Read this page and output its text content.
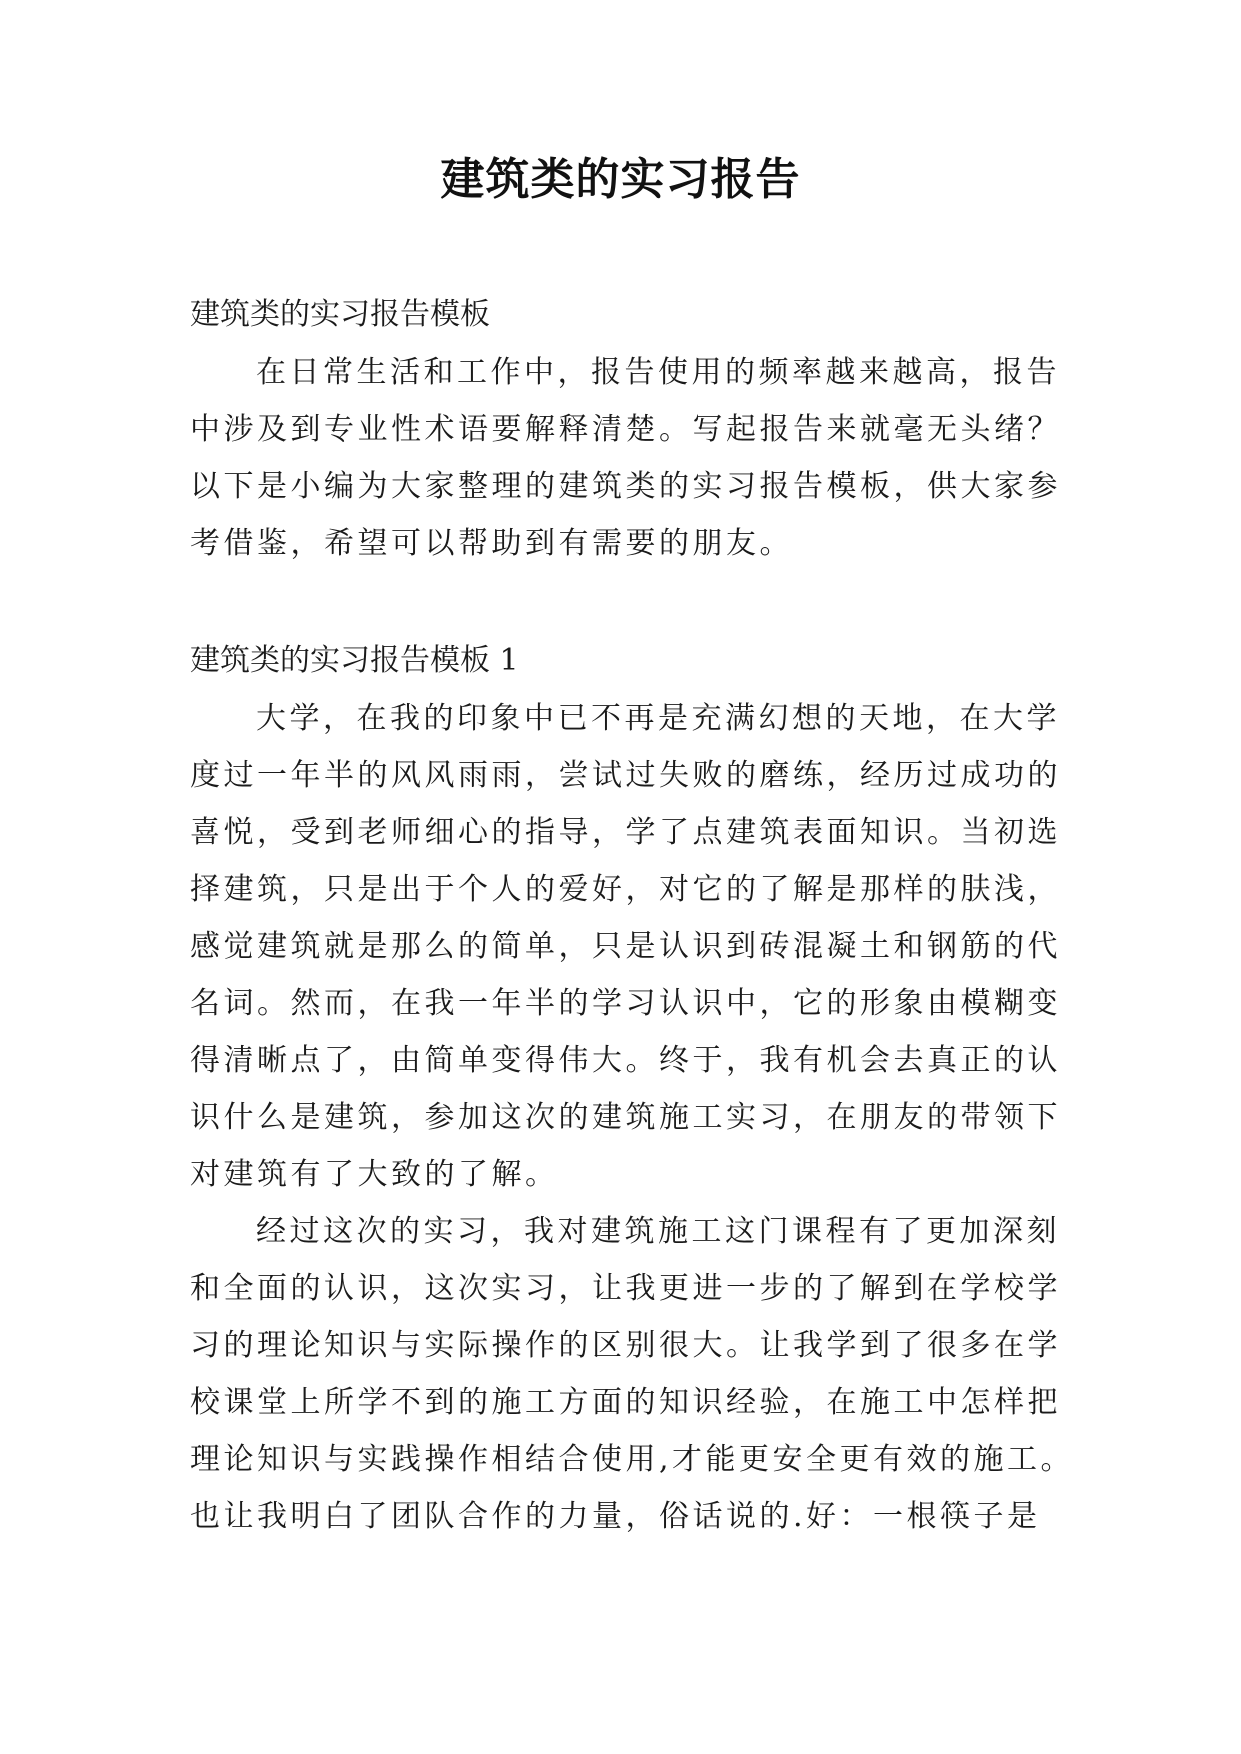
建筑类的实习报告
建筑类的实习报告模板
在日常生活和工作中，报告使用的频率越来越高，报告
中涉及到专业性术语要解释清楚。写起报告来就毫无头绪？
以下是小编为大家整理的建筑类的实习报告模板，供大家参
考借鉴，希望可以帮助到有需要的朋友。
建筑类的实习报告模板 1
大学，在我的印象中已不再是充满幻想的天地，在大学
度过一年半的风风雨雨，尝试过失败的磨练，经历过成功的
喜悦，受到老师细心的指导，学了点建筑表面知识。当初选
择建筑，只是出于个人的爱好，对它的了解是那样的肤浅，
感觉建筑就是那么的简单，只是认识到砖混凝土和钢筋的代
名词。然而，在我一年半的学习认识中，它的形象由模糊变
得清晰点了，由简单变得伟大。终于，我有机会去真正的认
识什么是建筑，参加这次的建筑施工实习，在朋友的带领下
对建筑有了大致的了解。
经过这次的实习，我对建筑施工这门课程有了更加深刻
和全面的认识，这次实习，让我更进一步的了解到在学校学
习的理论知识与实际操作的区别很大。让我学到了很多在学
校课堂上所学不到的施工方面的知识经验，在施工中怎样把
理论知识与实践操作相结合使用,才能更安全更有效的施工。
也让我明白了团队合作的力量，俗话说的.好：一根筷子是
